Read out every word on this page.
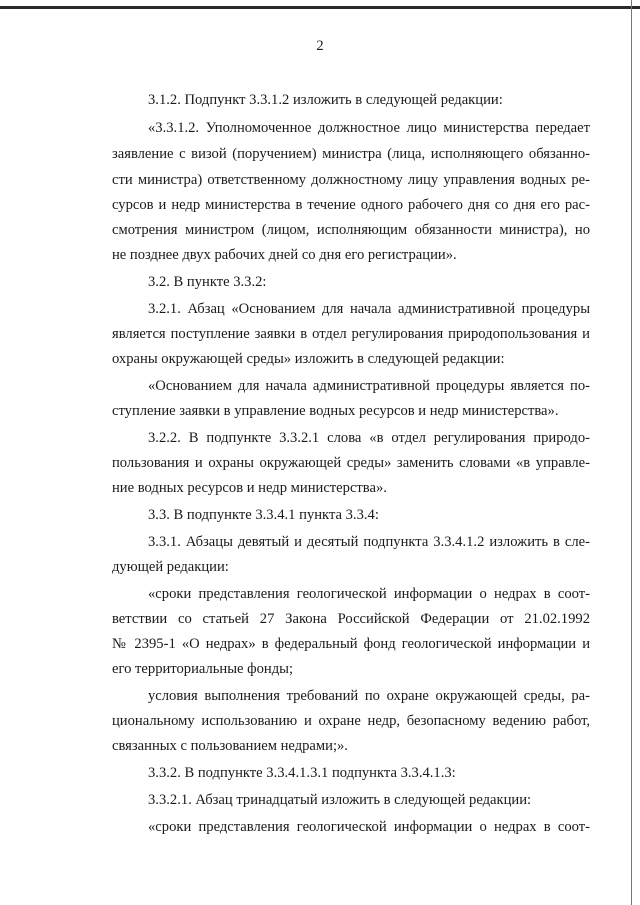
2
3.1.2. Подпункт 3.3.1.2 изложить в следующей редакции:
«3.3.1.2. Уполномоченное должностное лицо министерства передает
заявление с визой (поручением) министра (лица, исполняющего обязанно-
сти министра) ответственному должностному лицу управления водных ре-
сурсов и недр министерства в течение одного рабочего дня со дня его рас-
смотрения министром (лицом, исполняющим обязанности министра), но
не позднее двух рабочих дней со дня его регистрации».
3.2. В пункте 3.3.2:
3.2.1. Абзац «Основанием для начала административной процедуры
является поступление заявки в отдел регулирования природопользования и
охраны окружающей среды» изложить в следующей редакции:
«Основанием для начала административной процедуры является по-
ступление заявки в управление водных ресурсов и недр министерства».
3.2.2. В подпункте 3.3.2.1 слова «в отдел регулирования природо-
пользования и охраны окружающей среды» заменить словами «в управле-
ние водных ресурсов и недр министерства».
3.3. В подпункте 3.3.4.1 пункта 3.3.4:
3.3.1. Абзацы девятый и десятый подпункта 3.3.4.1.2 изложить в сле-
дующей редакции:
«сроки представления геологической информации о недрах в соот-
ветствии со статьей 27 Закона Российской Федерации от 21.02.1992
№ 2395-1 «О недрах» в федеральный фонд геологической информации и
его территориальные фонды;
условия выполнения требований по охране окружающей среды, ра-
циональному использованию и охране недр, безопасному ведению работ,
связанных с пользованием недрами;».
3.3.2. В подпункте 3.3.4.1.3.1 подпункта 3.3.4.1.3:
3.3.2.1. Абзац тринадцатый изложить в следующей редакции:
«сроки представления геологической информации о недрах в соот-
